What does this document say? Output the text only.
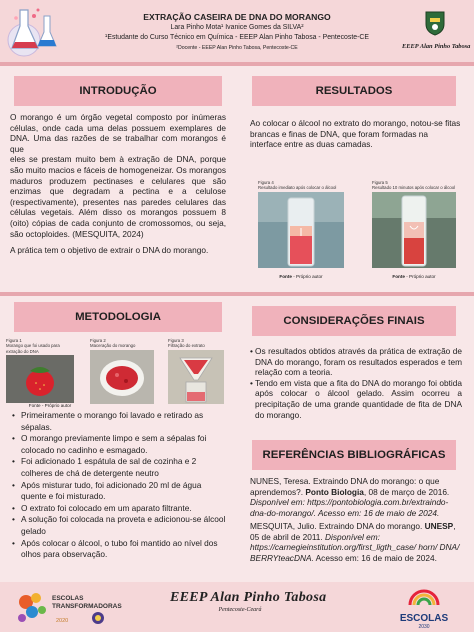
EXTRAÇÃO CASEIRA DE DNA DO MORANGO
Lara Pinho Mota¹ Ivanice Gomes da SILVA²
¹Estudante do Curso Técnico em Química - EEEP Alan Pinho Tabosa - Pentecoste-CE
²Docente - EEEP Alan Pinho Tabosa, Pentecoste-CE	EEEP Alan Pinho Tabosa
INTRODUÇÃO

O morango é um órgão vegetal composto por inúmeras células, onde cada uma delas possuem exemplares de DNA. Uma das razões de se trabalhar com morangos é que

eles se prestam muito bem à extração de DNA, porque são muito macios e fáceis de homogeneizar. Os morangos maduros produzem pectinases e celulares que são enzimas que degradam a pectina e a celulose (respectivamente), presentes nas paredes celulares das células vegetais. Além disso os morangos possuem 8 (oito) cópias de cada conjunto de cromossomos, ou seja, são octoploides. (MESQUITA, 2024)

A prática tem o objetivo de extrair o DNA do morango.

RESULTADOS
Ao colocar o álcool no extrato do morango, notou-se fitas brancas e finas de DNA, que foram formadas na interface entre as duas camadas.
Figura 4
Resultado imediato após colocar o álcool
Fonte - Próprio autor
Figura 5
Resultado 10 minutos após colocar o álcool
Fonte - Próprio autor
METODOLOGIA
Figura 1
Morango que foi usado para extração do DNA
Figura 2
Maceração do morango
Figura 3
Filtração do extrato
Fonte - Próprio autor
• Primeiramente o morango foi lavado e retirado as sépalas.
• O morango previamente limpo e sem a sépalas foi colocado no cadinho e esmagado.
• Foi adicionado 1 espátula de sal de cozinha e 2 colheres de chá de detergente neutro
• Após misturar tudo, foi adicionado 20 ml de água quente e foi misturado.
• O extrato foi colocado em um aparato filtrante.
• A solução foi colocada na proveta e adicionou-se álcool gelado
• Após colocar o álcool, o tubo foi mantido ao nível dos olhos para observação.
CONSIDERAÇÕES FINAIS
• Os resultados obtidos através da prática de extração de DNA do morango, foram os resultados esperados e tem relação com a teoria.
• Tendo em vista que a fita do DNA do morango foi obtida após colocar o álcool gelado. Assim ocorreu a precipitação de uma grande quantidade de fita de DNA do morango.
REFERÊNCIAS BIBLIOGRÁFICAS

NUNES, Teresa. Extraindo DNA do morango: o que aprendemos?. Ponto Biologia, 08 de março de 2016. Disponível em: https://pontobiologia.com.br/extraindo-dna-do-morango/. Acesso em: 16 de maio de 2024.

MESQUITA, Julio. Extraindo DNA do morango. UNESP, 05 de abril de 2011. Disponível em: https://carnegieinstitution.org/first_ligth_case/ horn/ DNA/ BERRYteacDNA. Acesso em: 16 de maio de 2024.

ESCOLAS
TRANSFORMADORAS
2020
EEEP Alan Pinho Tabosa
Pentecoste-Ceará
ESCOLAS
2030
